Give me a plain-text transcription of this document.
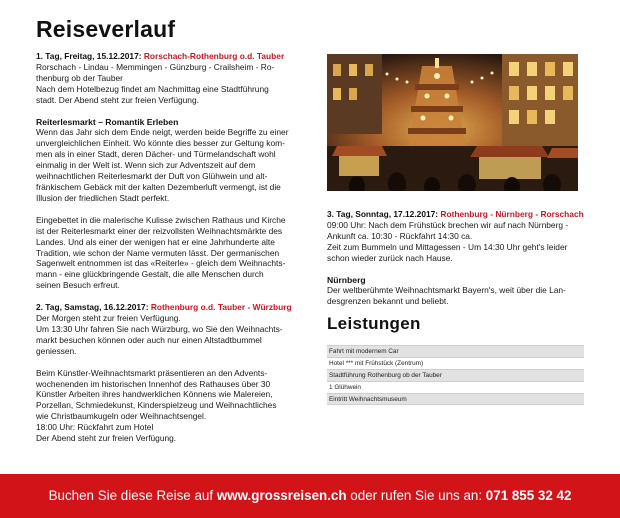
Reiseverlauf

1. Tag, Freitag, 15.12.2017: Rorschach-Rothenburg o.d. Tauber

Rorschach - Lindau - Memmingen - Günzburg - Crailsheim - Ro-

thenburg ob der Tauber

Nach dem Hotelbezug findet am Nachmittag eine Stadtführung

stadt. Der Abend steht zur freien Verfügung.

Reiterlesmarkt – Romantik Erleben

Wenn das Jahr sich dem Ende neigt, werden beide Begriffe zu einer

unvergleichlichen Einheit. Wo könnte dies besser zur Geltung kom-

men als in einer Stadt, deren Dächer- und Türmelandschaft wohl

einmalig in der Welt ist. Wenn sich zur Adventszeit auf dem

weihnachtlichen Reiterlesmarkt der Duft von Glühwein und alt-

fränkischem Gebäck mit der kalten Dezemberluft vermengt, ist die

Illusion der friedlichen Stadt perfekt.

Eingebettet in die malerische Kulisse zwischen Rathaus und Kirche

ist der Reiterlesmarkt einer der reizvollsten Weihnachtsmärkte des

Landes. Und als einer der wenigen hat er eine Jahrhunderte alte

Tradition, wie schon der Name vermuten lässt. Der germanischen

Sagenwelt entnommen ist das «Reiterle» - gleich dem Weihnachts-

mann - eine glückbringende Gestalt, die alle Menschen durch

seinen Besuch erfreut.

2. Tag, Samstag, 16.12.2017: Rothenburg o.d. Tauber - Würzburg

Der Morgen steht zur freien Verfügung.

Um 13:30 Uhr fahren Sie nach Würzburg, wo Sie den Weihnachts-

markt besuchen können oder auch nur einen Altstadtbummel

geniessen.

Beim Künstler-Weihnachtsmarkt präsentieren an den Advents-

wochenenden im historischen Innenhof des Rathauses über 30

Künstler Arbeiten ihres handwerklichen Könnens wie Malereien,

Porzellan, Schmiedekunst, Kinderspielzeug und Weihnachtliches

wie Christbaumkugeln oder Weihnachtsengel.

18:00 Uhr: Rückfahrt zum Hotel

Der Abend steht zur freien Verfügung.

3. Tag, Sonntag, 17.12.2017: Rothenburg - Nürnberg - Rorschach

09:00 Uhr: Nach dem Frühstück brechen wir auf nach Nürnberg -

Ankunft ca. 10:30 - Rückfahrt 14:30 ca.

Zeit zum Bummeln und Mittagessen - Um 14:30 Uhr geht's leider

schon wieder zurück nach Hause.

Nürnberg

Der weltberühmte Weihnachtsmarkt Bayern's, weit über die Lan-

desgrenzen bekannt und beliebt.

Leistungen
Fahrt mit modernem Car
Hotel *** mit Frühstück (Zentrum)
Stadtführung Rothenburg ob der Tauber
1 Glühwein
Eintritt Weihnachtsmuseum
Buchen Sie diese Reise auf www.grossreisen.ch oder rufen Sie uns an: 071 855 32 42
